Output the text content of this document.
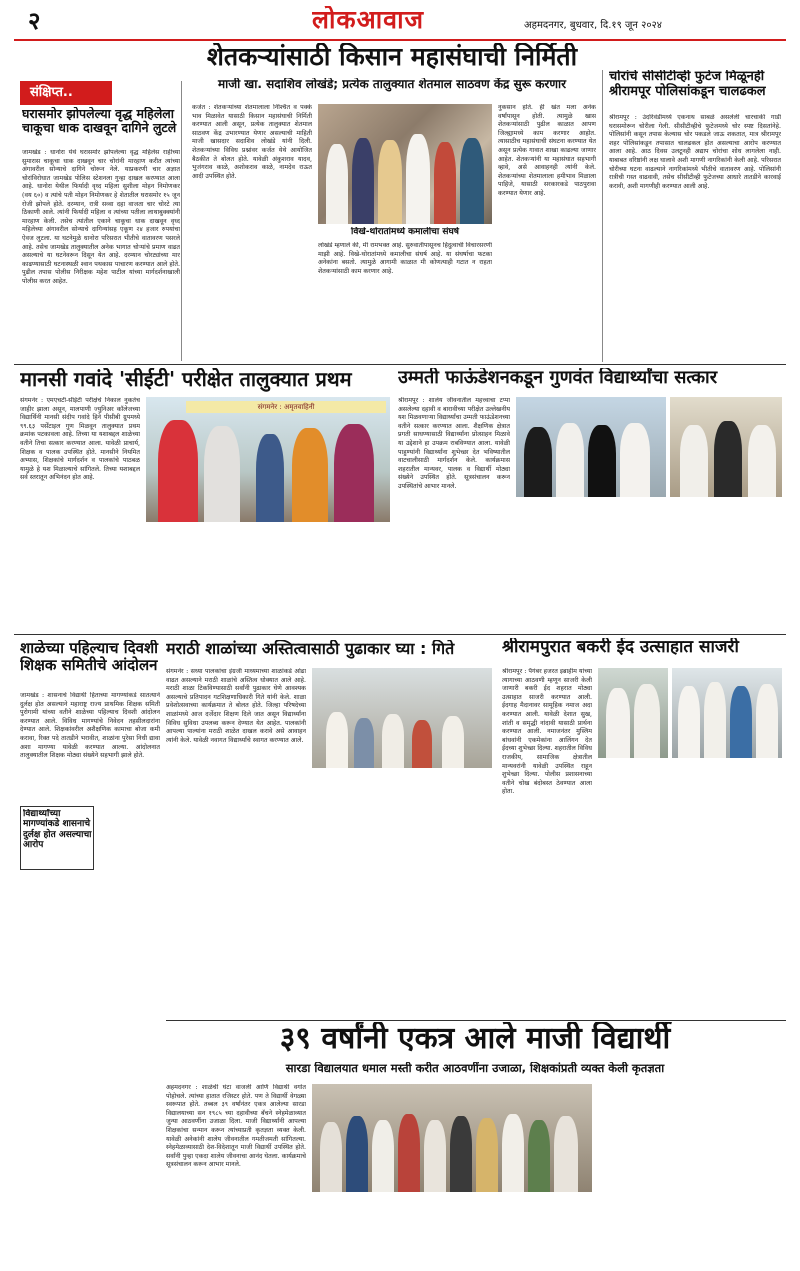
२	लोकआवाज	अहमदनगर, बुधवार, दि.१९ जून २०२४
संक्षिप्त..
घरासमोर झोपलेल्या वृद्ध महिलेला चाकूचा धाक दाखवून दागिने लुटले
जामखेड : धानोरा येथे घरासमोर झोपलेल्या वृद्ध महिलेस राहीच्या सुमारास चाकूचा धाक दाखवून चार चोरांनी मारहाण करीत त्यांच्या अंगावरील सोन्याचे दागिने चोरून नेले. याप्रकरणी चार अज्ञात चोरांविरोधात जामखेड पोलिस स्टेशनला गुन्हा दाखल करण्यात आला आहे. धानोरा येथील फिर्यादी वृध्द महिला सुशीला मोहन निमोणकर (वय ६०) व त्यांचे पती मोहन निमोणकर हे शेतातील घरासमोर १५ जून रोजी झोपले होते. दरम्यान, रात्री सव्वा दहा वाजता चार चोरटे त्या ठिकाणी आले. त्यांनी फिर्यादी महिला व त्यांच्या पतीला लाथाबुक्क्यांनी मारहाण केली. तसेच त्यांतील एकाने चाकूचा धाक दाखवून वृध्द महिलेच्या अंगावरील सोन्याचे दागिन्यांसह एकूण २४ हजार रुपयांचा ऐवज लुटला. या घटनेमुळे धानोरा परिसरात भीतीचे वातावरण पसरले आहे. तसेच जामखेड तालुक्यातील अनेक भागात चोऱ्यांचे प्रमाण वाढत असल्याचे या घटनेवरून दिसून येत आहे. दरम्यान चोरट्यांच्या मार काढण्यासाठी घटनास्थळी श्वान पथकास पाचारण करण्यात आले होते. पुढील तपास पोलीस निरीक्षक महेश पाटील यांच्या मार्गदर्शनाखाली पोलीस करत आहेत.
शेतकऱ्यांसाठी किसान महासंघाची निर्मिती
माजी खा. सदाशिव लोखंडे; प्रत्येक तालुक्यात शेतमाल साठवण केंद्र सुरू करणार
कर्जत : शेतकऱ्यांच्या शेतमालाला निश्चित व पक्के भाव मिळावेत यासाठी किसान महासंघाची निर्मिती करण्यात आली असून, प्रत्येक तालुक्यात शेतमाल साठवण केंद्र उभारण्यात येणार असल्याची माहिती माजी खासदार सदाशिव लोखंडे यांनी दिली. शेतकऱ्यांच्या विविध प्रश्नांवर कर्जत येथे आयोजित बैठकीत ते बोलत होते. यावेळी अंकुशराव यादव, भुजंगराव काळे, अशोकराव काळे, नामदेव राऊत आदी उपस्थित होते.
विखे-थोरातांमध्ये कमालीचा संघर्ष
लोखंडे म्हणाले की, मी रामभक्त आहे. सुरुवातीपासूनच हिंदुत्वाची विचारसरणी माझी आहे. विखे-थोरातांमध्ये कमालीचा संघर्ष आहे. या संघर्षाचा फटका अनेकांना बसतो. त्यामुळे आगामी काळात मी कोणत्याही गटात न राहता शेतकऱ्यांसाठी काम करणार आहे.
नुकसान होते. ही खंत मला अनेक वर्षांपासून होती. त्यामुळे खास शेतकऱ्यांसाठी पुढील काळात आपण जिल्ह्यामध्ये काम करणार आहोत. त्यासाठीच महासंघाची संघटना करण्यात येत असून प्रत्येक गावात शाखा काढल्या जाणार आहेत. शेतकऱ्यांनी या महासंघात सहभागी व्हावे, असे आवाहनही त्यांनी केले. शेतकऱ्यांच्या शेतमालाला हमीभाव मिळाला पाहिजे, यासाठी सरकारकडे पाठपुरावा करण्यात येणार आहे.
चोरांचे सीसीटीव्ही फुटेज मिळूनही श्रीरामपूर पोलिसांकडून चालढकल
श्रीरामपूर : उंदरिवंडीमध्ये एकनाथ साबळे असलेली चारचाकी गाडी घरासमोरून चोरीला गेली. सीसीटीव्हीचे फुटेजमध्ये चोर स्पष्ट दिसतांनेहे. पोलिसांनी कसून तपास केल्यास चोर पकडले जाऊ शकतात, मात्र श्रीरामपूर शहर पोलिसांकडून तपासात चालढकल होत असल्याचा आरोप करण्यात आला आहे. आठ दिवस उलटूनही अद्याप चोरांचा शोध लागलेला नाही. याबाबत वरिष्ठांनी लक्ष घालावे अशी मागणी नागरिकांनी केली आहे. परिसरात चोरीच्या घटना वाढल्याने नागरिकांमध्ये भीतीचे वातावरण आहे. पोलिसांनी रात्रीची गस्त वाढवावी, तसेच सीसीटीव्ही फुटेजच्या आधारे तातडीने कारवाई करावी, अशी मागणीही करण्यात आली आहे.
मानसी गवांदे 'सीईटी' परीक्षेत तालुक्यात प्रथम
संगमनेर : एमएचटी-सीईटी परीक्षेचे निकाल नुकतेच जाहीर झाला असून, मालपाणी ज्युनिअर कॉलेजच्या विद्यार्थिनी मानसी संदीप गवांदे हिने पीसीबी ग्रुपमध्ये ९९.६३ पर्सेंटाइल गुण मिळवून तालुक्यात प्रथम क्रमांक पटकावला आहे. तिच्या या यशाबद्दल शाळेच्या वतीने तिचा सत्कार करण्यात आला. यावेळी प्राचार्य, शिक्षक व पालक उपस्थित होते. मानसीने नियमित अभ्यास, शिक्षकांचे मार्गदर्शन व पालकांचे पाठबळ यामुळे हे यश मिळाल्याचे सांगितले. तिच्या यशाबद्दल सर्व स्तरातून अभिनंदन होत आहे.
संगमनेर : अमृतवाहिनी
उम्मती फाऊंडेशनकडून गुणवंत विद्यार्थ्यांचा सत्कार
श्रीरामपूर : शालेय जीवनातील महत्त्वाचा टप्पा असलेल्या दहावी व बारावीच्या परीक्षेत उल्लेखनीय यश मिळवणाऱ्या विद्यार्थ्यांचा उम्मती फाऊंडेशनच्या वतीने सत्कार करण्यात आला. शैक्षणिक क्षेत्रात प्रगती साधण्यासाठी विद्यार्थ्यांना प्रोत्साहन मिळावे या उद्देशाने हा उपक्रम राबविण्यात आला. यावेळी पाहुण्यांनी विद्यार्थ्यांना शुभेच्छा देत भविष्यातील वाटचालीसाठी मार्गदर्शन केले. कार्यक्रमास शहरातील मान्यवर, पालक व विद्यार्थी मोठ्या संख्येने उपस्थित होते. सूत्रसंचालन करून उपस्थितांचे आभार मानले.
शाळेच्या पहिल्याच दिवशी शिक्षक समितीचे आंदोलन
जामखेड : शासनाचे विद्यार्थी हिताच्या मागण्यांकडे सातत्याने दुर्लक्ष होत असल्याने महाराष्ट्र राज्य प्राथमिक शिक्षक समिती पुरोगामी यांच्या वतीने शाळेच्या पहिल्याच दिवशी आंदोलन करण्यात आले. विविध मागण्यांचे निवेदन तहसीलदारांना देण्यात आले. शिक्षकांवरील अशैक्षणिक कामाचा बोजा कमी करावा, रिक्त पदे तातडीने भरावीत, शाळांना पुरेसा निधी द्यावा अशा मागण्या यावेळी करण्यात आल्या. आंदोलनात तालुक्यातील शिक्षक मोठ्या संख्येने सहभागी झाले होते.
विद्यार्थ्यांच्या मागण्यांकडे शासनाचे दुर्लक्ष होत असल्याचा आरोप
मराठी शाळांच्या अस्तित्वासाठी पुढाकार घ्या : गिते
संगमनेर : सध्या पालकांचा इंग्रजी माध्यमाच्या शाळांकडे ओढा वाढत असल्याने मराठी शाळांचे अस्तित्व धोक्यात आले आहे. मराठी शाळा टिकविण्यासाठी सर्वांनी पुढाकार घेणे आवश्यक असल्याचे प्रतिपादन गटशिक्षणाधिकारी गिते यांनी केले. शाळा प्रवेशोत्सवाच्या कार्यक्रमात ते बोलत होते. जिल्हा परिषदेच्या शाळांमध्ये आज दर्जेदार शिक्षण दिले जात असून विद्यार्थ्यांना विविध सुविधा उपलब्ध करून देण्यात येत आहेत. पालकांनी आपल्या पाल्यांना मराठी शाळेत दाखल करावे असे आवाहन त्यांनी केले. यावेळी नवागत विद्यार्थ्यांचे स्वागत करण्यात आले.
श्रीरामपुरात बकरी ईद उत्साहात साजरी
श्रीरामपूर : पैगंबर हजरत इब्राहीम यांच्या त्यागाच्या आठवणी म्हणून साजरी केली जाणारी बकरी ईद शहरात मोठ्या उत्साहात साजरी करण्यात आली. ईदगाह मैदानावर सामूहिक नमाज अदा करण्यात आली. यावेळी देशात सुख, शांती व समृद्धी नांदावी यासाठी प्रार्थना करण्यात आली. नमाजनंतर मुस्लिम बांधवांनी एकमेकांना आलिंगन देत ईदच्या शुभेच्छा दिल्या. शहरातील विविध राजकीय, सामाजिक क्षेत्रातील मान्यवरांनी यावेळी उपस्थित राहून शुभेच्छा दिल्या. पोलीस प्रशासनाच्या वतीने चोख बंदोबस्त ठेवण्यात आला होता.
३९ वर्षांनी एकत्र आले माजी विद्यार्थी
सारडा विद्यालयात धमाल मस्ती करीत आठवणींना उजाळा, शिक्षकांप्रती व्यक्त केली कृतज्ञता
अहमदनगर : शाळेची घंटा वाजली आणि विद्यार्थी वर्गात पोहोचले. त्यांच्या हातात रजिस्टर होते. पण ते विद्यार्थी वेगळ्या स्वरूपात होते. तब्बल ३९ वर्षांनंतर एकत्र आलेल्या सारडा विद्यालयाच्या सन १९८५ च्या दहावीच्या बॅचने स्नेहमेळाव्यात जुन्या आठवणींना उजाळा दिला. माजी विद्यार्थ्यांनी आपल्या शिक्षकांचा सन्मान करून त्यांच्याप्रती कृतज्ञता व्यक्त केली. यावेळी अनेकांनी शालेय जीवनातील गमतीजमती सांगितल्या. स्नेहमेळाव्यासाठी देश-विदेशातून माजी विद्यार्थी उपस्थित होते. सर्वांनी पुन्हा एकदा शालेय जीवनाचा आनंद घेतला. कार्यक्रमाचे सूत्रसंचालन करून आभार मानले.
